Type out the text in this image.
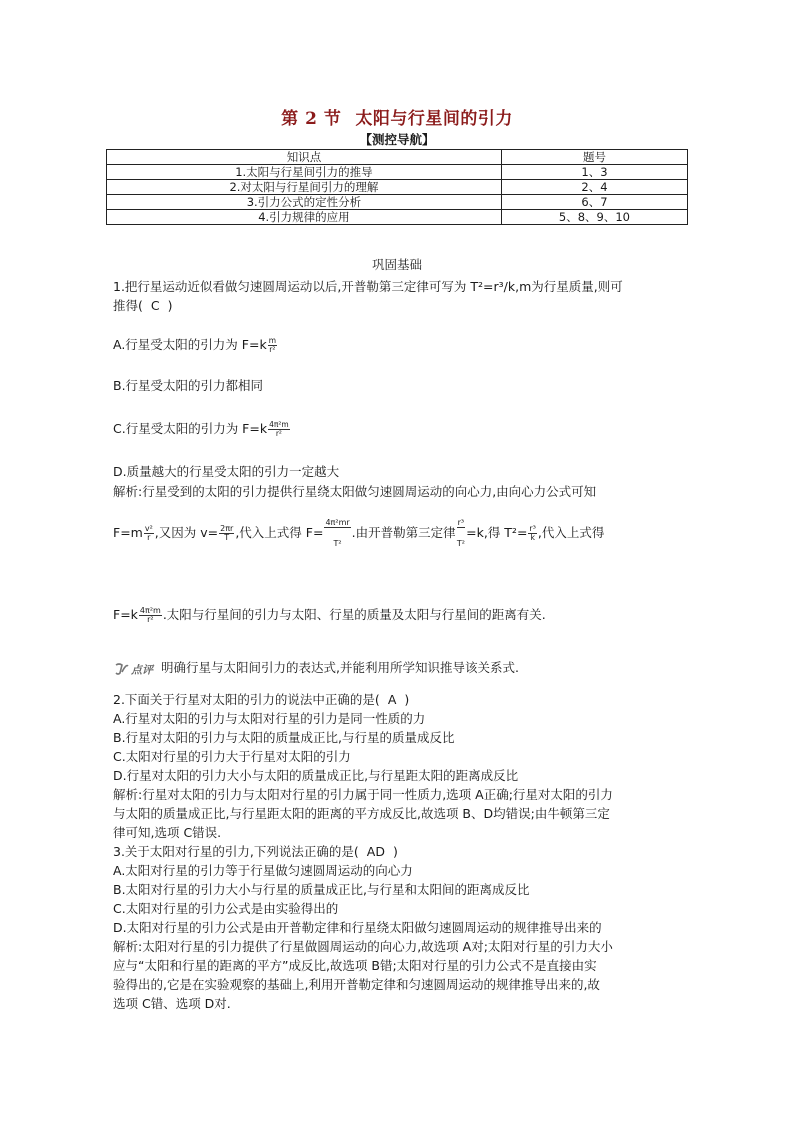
第 2 节 太阳与行星间的引力
【测控导航】
知识点	题号
1.太阳与行星间引力的推导	1、3
2.对太阳与行星间引力的理解	2、4
3.引力公式的定性分析	6、7
4.引力规律的应用	5、8、9、10
巩固基础

1.把行星运动近似看做匀速圆周运动以后,开普勒第三定律可写为 T²=r³/k,m为行星质量,则可

推得( C )

A.行星受太阳的引力为 $F=k \frac{m}{\text{r²}}$
B.行星受太阳的引力都相同
C.行星受太阳的引力为 $F=k \frac{\text{4π²m}}{\text{r²}}$
D.质量越大的行星受太阳的引力一定越大
解析:行星受到的太阳的引力提供行星绕太阳做匀速圆周运动的向心力,由向心力公式可知
$F=m \frac{\text{v²}}{r}$ ,又因为 $v= \frac{2\pi r}{T}$ ,代入上式得 $F= \frac{\text{4π²mr}}{\text{T²}}$ .由开普勒第三定律 $\frac{\text{r³}}{\text{T²}} =k$,得 $T^2= \frac{\text{r³}}{k}$ ,代入上式得
$F=k \frac{\text{4π²m}}{\text{r²}}$ .太阳与行星间的引力与太阳、行星的质量及太阳与行星间的距离有关.
点评 明确行星与太阳间引力的表达式,并能利用所学知识推导该关系式.

2.下面关于行星对太阳的引力的说法中正确的是( A )

A.行星对太阳的引力与太阳对行星的引力是同一性质的力

B.行星对太阳的引力与太阳的质量成正比,与行星的质量成反比

C.太阳对行星的引力大于行星对太阳的引力

D.行星对太阳的引力大小与太阳的质量成正比,与行星距太阳的距离成反比

解析:行星对太阳的引力与太阳对行星的引力属于同一性质力,选项 A正确;行星对太阳的引力

与太阳的质量成正比,与行星距太阳的距离的平方成反比,故选项 B、D均错误;由牛顿第三定

律可知,选项 C错误.

3.关于太阳对行星的引力,下列说法正确的是( AD )

A.太阳对行星的引力等于行星做匀速圆周运动的向心力

B.太阳对行星的引力大小与行星的质量成正比,与行星和太阳间的距离成反比

C.太阳对行星的引力公式是由实验得出的

D.太阳对行星的引力公式是由开普勒定律和行星绕太阳做匀速圆周运动的规律推导出来的

解析:太阳对行星的引力提供了行星做圆周运动的向心力,故选项 A对;太阳对行星的引力大小

应与“太阳和行星的距离的平方”成反比,故选项 B错;太阳对行星的引力公式不是直接由实

验得出的,它是在实验观察的基础上,利用开普勒定律和匀速圆周运动的规律推导出来的,故

选项 C错、选项 D对.
